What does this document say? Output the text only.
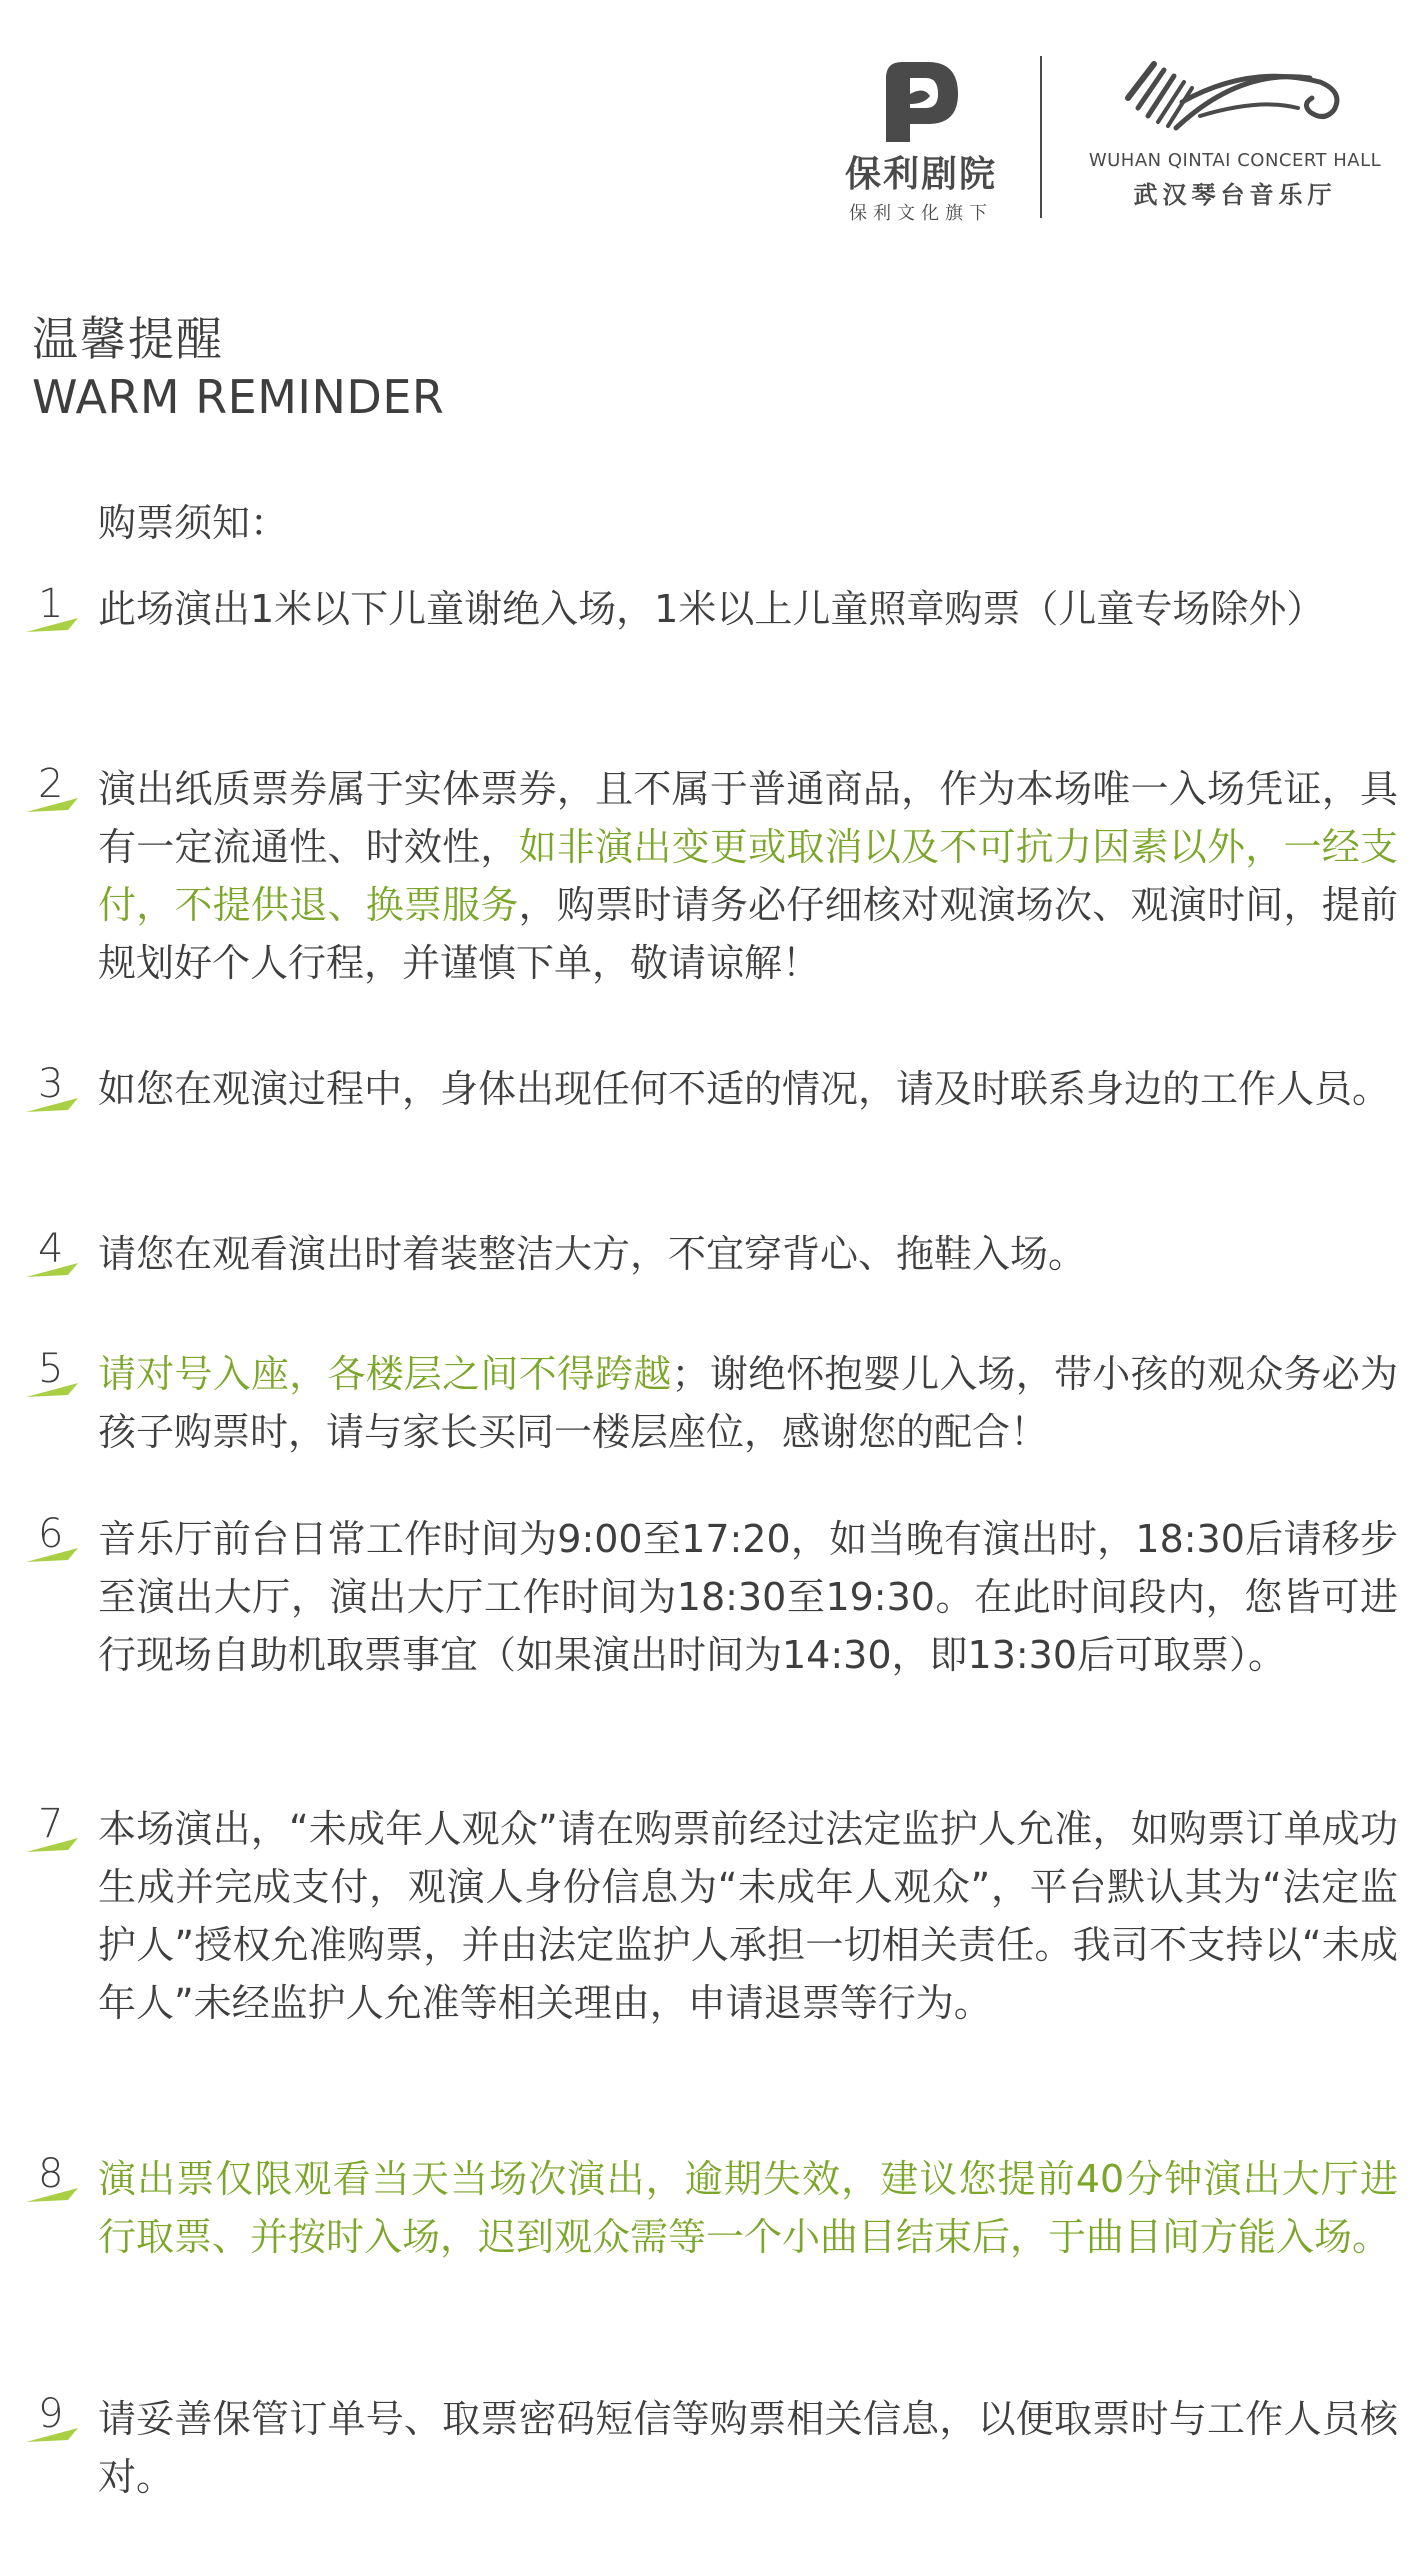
保利剧院
保利文化旗下
WUHAN QINTAI CONCERT HALL
武汉琴台音乐厅
温馨提醒
WARM REMINDER
购票须知：
1 此场演出1米以下儿童谢绝入场，1米以上儿童照章购票（儿童专场除外）
2 演出纸质票券属于实体票券，且不属于普通商品，作为本场唯一入场凭证，具有一定流通性、时效性，如非演出变更或取消以及不可抗力因素以外，一经支付，不提供退、换票服务，购票时请务必仔细核对观演场次、观演时间，提前规划好个人行程，并谨慎下单，敬请谅解！
3 如您在观演过程中，身体出现任何不适的情况，请及时联系身边的工作人员。
4 请您在观看演出时着装整洁大方，不宜穿背心、拖鞋入场。
5 请对号入座，各楼层之间不得跨越；谢绝怀抱婴儿入场，带小孩的观众务必为孩子购票时，请与家长买同一楼层座位，感谢您的配合！
6 音乐厅前台日常工作时间为9:00至17:20，如当晚有演出时，18:30后请移步至演出大厅，演出大厅工作时间为18:30至19:30。在此时间段内，您皆可进行现场自助机取票事宜（如果演出时间为14:30，即13:30后可取票）。
7 本场演出，“未成年人观众”请在购票前经过法定监护人允准，如购票订单成功生成并完成支付，观演人身份信息为“未成年人观众”，平台默认其为“法定监护人”授权允准购票，并由法定监护人承担一切相关责任。我司不支持以“未成年人”未经监护人允准等相关理由，申请退票等行为。
8 演出票仅限观看当天当场次演出，逾期失效，建议您提前40分钟演出大厅进行取票、并按时入场，迟到观众需等一个小曲目结束后，于曲目间方能入场。
9 请妥善保管订单号、取票密码短信等购票相关信息，以便取票时与工作人员核对。
